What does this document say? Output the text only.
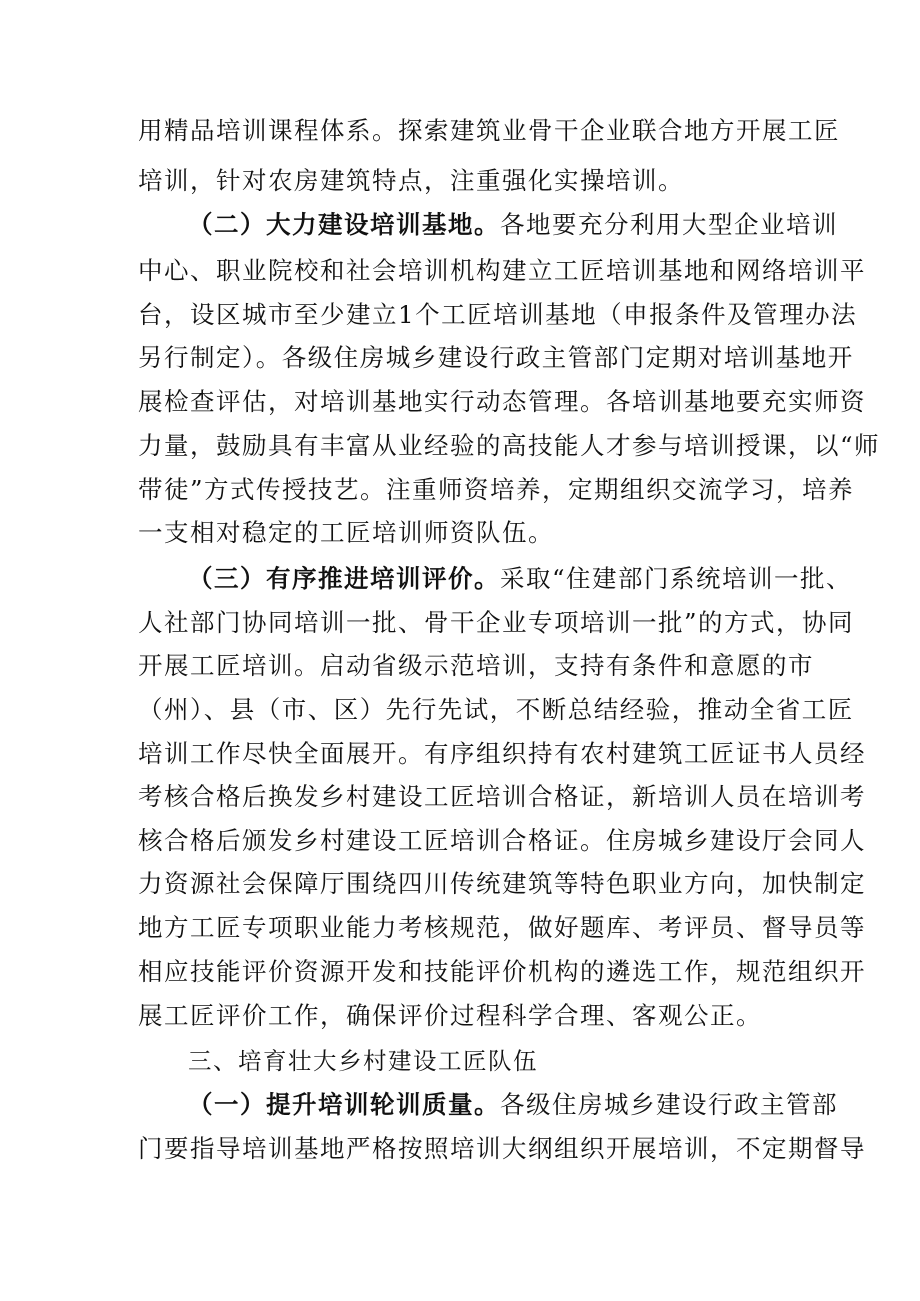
用精品培训课程体系。探索建筑业骨干企业联合地方开展工匠
培训，针对农房建筑特点，注重强化实操培训。
（二）大力建设培训基地。各地要充分利用大型企业培训
中心、职业院校和社会培训机构建立工匠培训基地和网络培训平
台，设区城市至少建立1个工匠培训基地（申报条件及管理办法
另行制定）。各级住房城乡建设行政主管部门定期对培训基地开
展检查评估，对培训基地实行动态管理。各培训基地要充实师资
力量，鼓励具有丰富从业经验的高技能人才参与培训授课，以“师
带徒”方式传授技艺。注重师资培养，定期组织交流学习，培养
一支相对稳定的工匠培训师资队伍。
（三）有序推进培训评价。采取“住建部门系统培训一批、
人社部门协同培训一批、骨干企业专项培训一批”的方式，协同
开展工匠培训。启动省级示范培训，支持有条件和意愿的市
（州）、县（市、区）先行先试，不断总结经验，推动全省工匠
培训工作尽快全面展开。有序组织持有农村建筑工匠证书人员经
考核合格后换发乡村建设工匠培训合格证，新培训人员在培训考
核合格后颁发乡村建设工匠培训合格证。住房城乡建设厅会同人
力资源社会保障厅围绕四川传统建筑等特色职业方向，加快制定
地方工匠专项职业能力考核规范，做好题库、考评员、督导员等
相应技能评价资源开发和技能评价机构的遴选工作，规范组织开
展工匠评价工作，确保评价过程科学合理、客观公正。
三、培育壮大乡村建设工匠队伍
（一）提升培训轮训质量。各级住房城乡建设行政主管部
门要指导培训基地严格按照培训大纲组织开展培训，不定期督导
